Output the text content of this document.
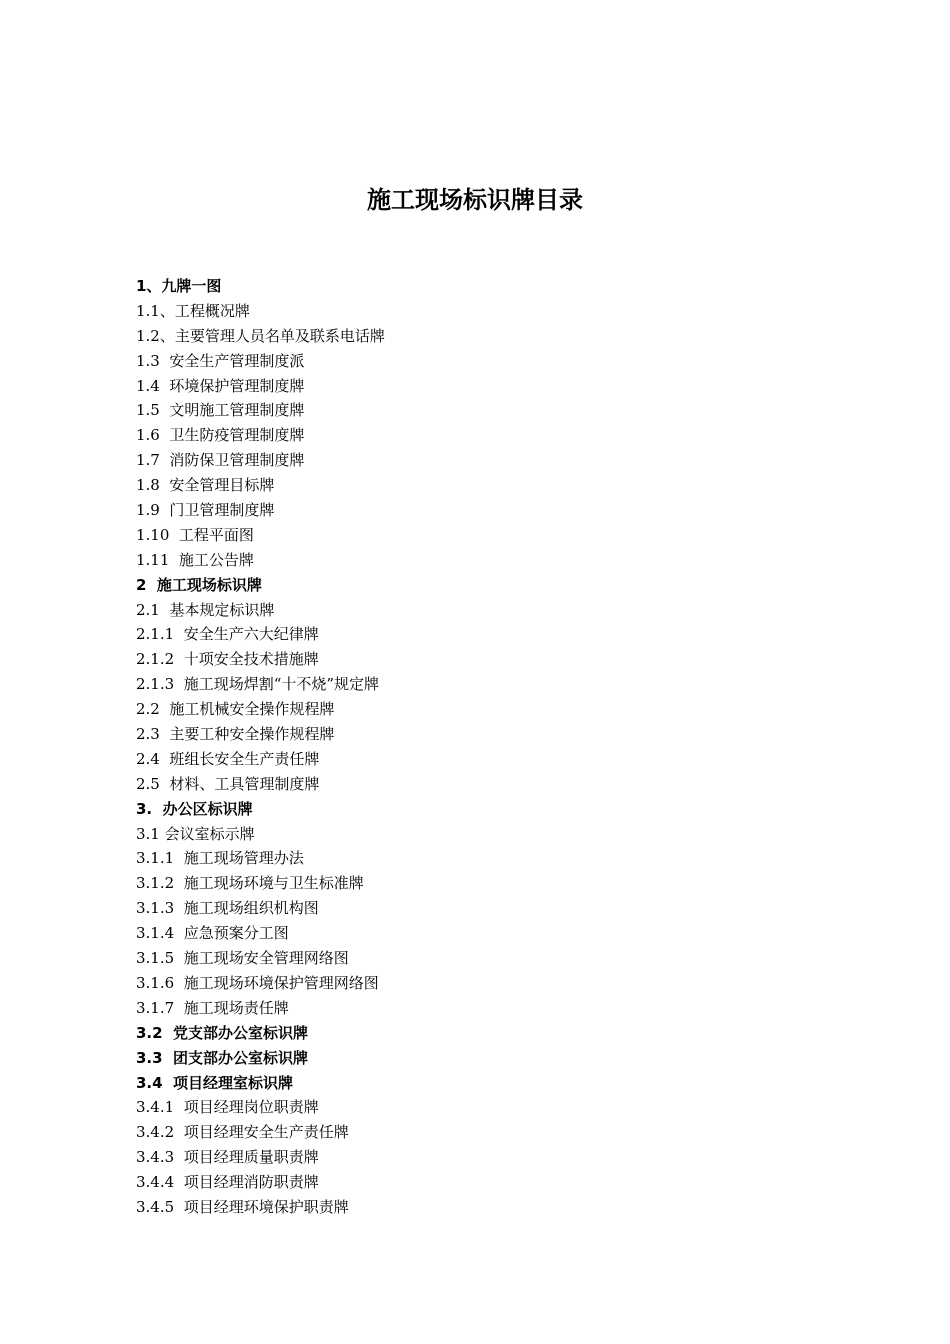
施工现场标识牌目录
1、九牌一图
1.1、工程概况牌
1.2、主要管理人员名单及联系电话牌
1.3  安全生产管理制度派
1.4  环境保护管理制度牌
1.5  文明施工管理制度牌
1.6  卫生防疫管理制度牌
1.7  消防保卫管理制度牌
1.8  安全管理目标牌
1.9  门卫管理制度牌
1.10  工程平面图
1.11  施工公告牌
2  施工现场标识牌
2.1  基本规定标识牌
2.1.1  安全生产六大纪律牌
2.1.2  十项安全技术措施牌
2.1.3  施工现场焊割“十不烧”规定牌
2.2  施工机械安全操作规程牌
2.3  主要工种安全操作规程牌
2.4  班组长安全生产责任牌
2.5  材料、工具管理制度牌
3.  办公区标识牌
3.1 会议室标示牌
3.1.1  施工现场管理办法
3.1.2  施工现场环境与卫生标准牌
3.1.3  施工现场组织机构图
3.1.4  应急预案分工图
3.1.5  施工现场安全管理网络图
3.1.6  施工现场环境保护管理网络图
3.1.7  施工现场责任牌
3.2  党支部办公室标识牌
3.3  团支部办公室标识牌
3.4  项目经理室标识牌
3.4.1  项目经理岗位职责牌
3.4.2  项目经理安全生产责任牌
3.4.3  项目经理质量职责牌
3.4.4  项目经理消防职责牌
3.4.5  项目经理环境保护职责牌
